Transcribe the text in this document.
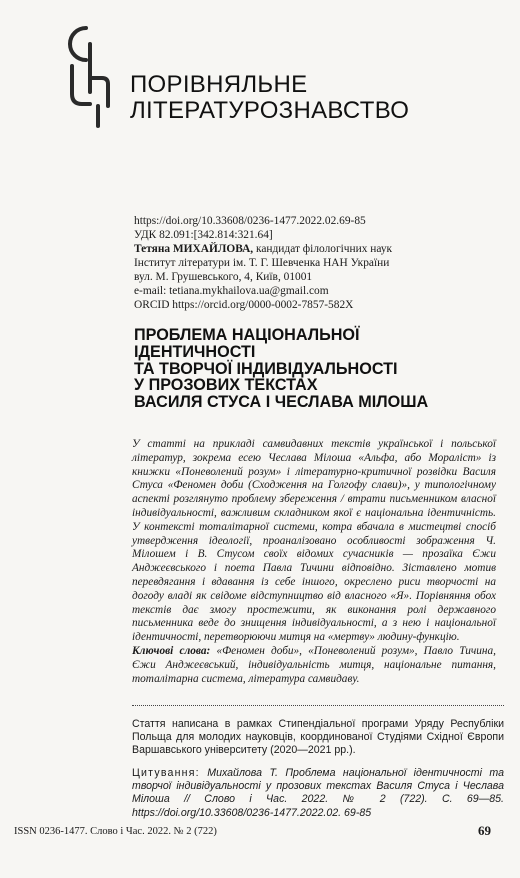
ПОРІВНЯЛЬНЕ
ЛІТЕРАТУРОЗНАВСТВО
https://doi.org/10.33608/0236-1477.2022.02.69-85
УДК 82.091:[342.814:321.64]
Тетяна МИХАЙЛОВА, кандидат філологічних наук
Інститут літератури ім. Т. Г. Шевченка НАН України
вул. М. Грушевського, 4, Київ, 01001
e-mail: tetiana.mykhailova.ua@gmail.com
ORCID https://orcid.org/0000-0002-7857-582X
ПРОБЛЕМА НАЦІОНАЛЬНОЇ
ІДЕНТИЧНОСТІ
ТА ТВОРЧОЇ ІНДИВІДУАЛЬНОСТІ
У ПРОЗОВИХ ТЕКСТАХ
ВАСИЛЯ СТУСА І ЧЕСЛАВА МІЛОША
У статті на прикладі самвидавних текстів української і польської літератур, зокрема есею Чеслава Мілоша «Альфа, або Мораліст» із книжки «Поневолений розум» і літературно-критичної розвідки Василя Стуса «Феномен доби (Сходження на Голгофу слави)», у типологічному аспекті розглянуто проблему збереження / втрати письменником власної індивідуальності, важливим складником якої є національна ідентичність. У контексті тоталітарної системи, котра вбачала в мистецтві спосіб утвердження ідеології, проаналізовано особливості зображення Ч. Мілошем і В. Стусом своїх відомих сучасників — прозаїка Єжи Анджеєвського і поета Павла Тичини відповідно. Зіставлено мотив перевдягання і вдавання із себе іншого, окреслено риси творчості на догоду владі як свідоме відступництво від власного «Я». Порівняння обох текстів дає змогу простежити, як виконання ролі державного письменника веде до знищення індивідуальності, а з нею і національної ідентичності, перетворюючи митця на «мертву» людину-функцію.
Ключові слова: «Феномен доби», «Поневолений розум», Павло Тичина, Єжи Анджеєвський, індивідуальність митця, національне питання, тоталітарна система, література самвидаву.
Стаття написана в рамках Стипендіальної програми Уряду Республіки Польща для молодих науковців, координованої Студіями Східної Європи Варшавського університету (2020—2021 рр.).
Цитування: Михайлова Т. Проблема національної ідентичності та творчої індивідуальності у прозових текстах Василя Стуса і Чеслава Мілоша // Слово і Час. 2022. № 2 (722). С. 69—85. https://doi.org/10.33608/0236-1477.2022.02. 69-85
ISSN 0236-1477. Слово і Час. 2022. № 2 (722)	69
